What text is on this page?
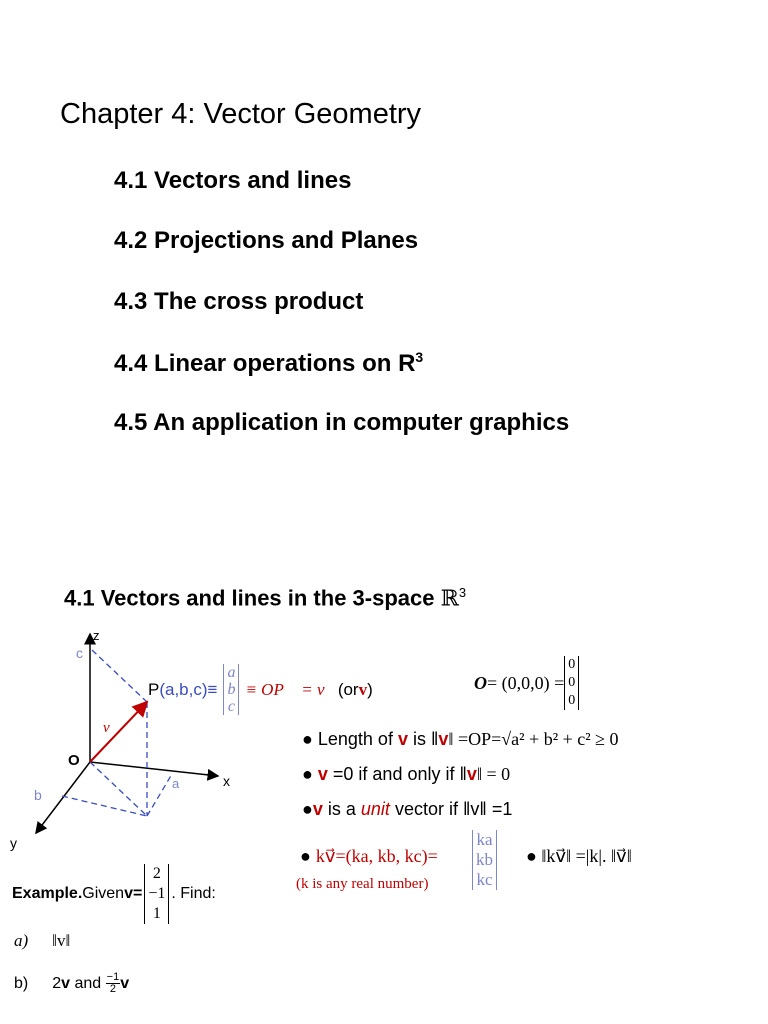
Chapter 4: Vector Geometry
4.1 Vectors and lines
4.2 Projections and Planes
4.3 The cross product
4.4 Linear operations on $R^3$
4.5 An application in computer graphics
4.1 Vectors and lines in the 3-space ℝ$^3$
z
x
y
O
c
b
a
v⃗
P (a,b,c)≡
a
b
c
≡ OP⃗ = v⃗ (or v )	O = (0,0,0) =
0
0
0
● Length of v is ‖v‖ =OP=√a² + b² + c² ≥ 0
● v =0 if and only if ‖v‖ = 0
●v is a unit vector if ‖v‖ =1
● kv⃗=(ka, kb, kc)=
(k is any real number)
ka
kb
kc
● ‖kv⃗‖ =|k|. ‖v⃗‖
Example. Given v=
2
−1
1
. Find:
a) ‖v‖
b) 2 v and $\frac{-1}{2}$ v
